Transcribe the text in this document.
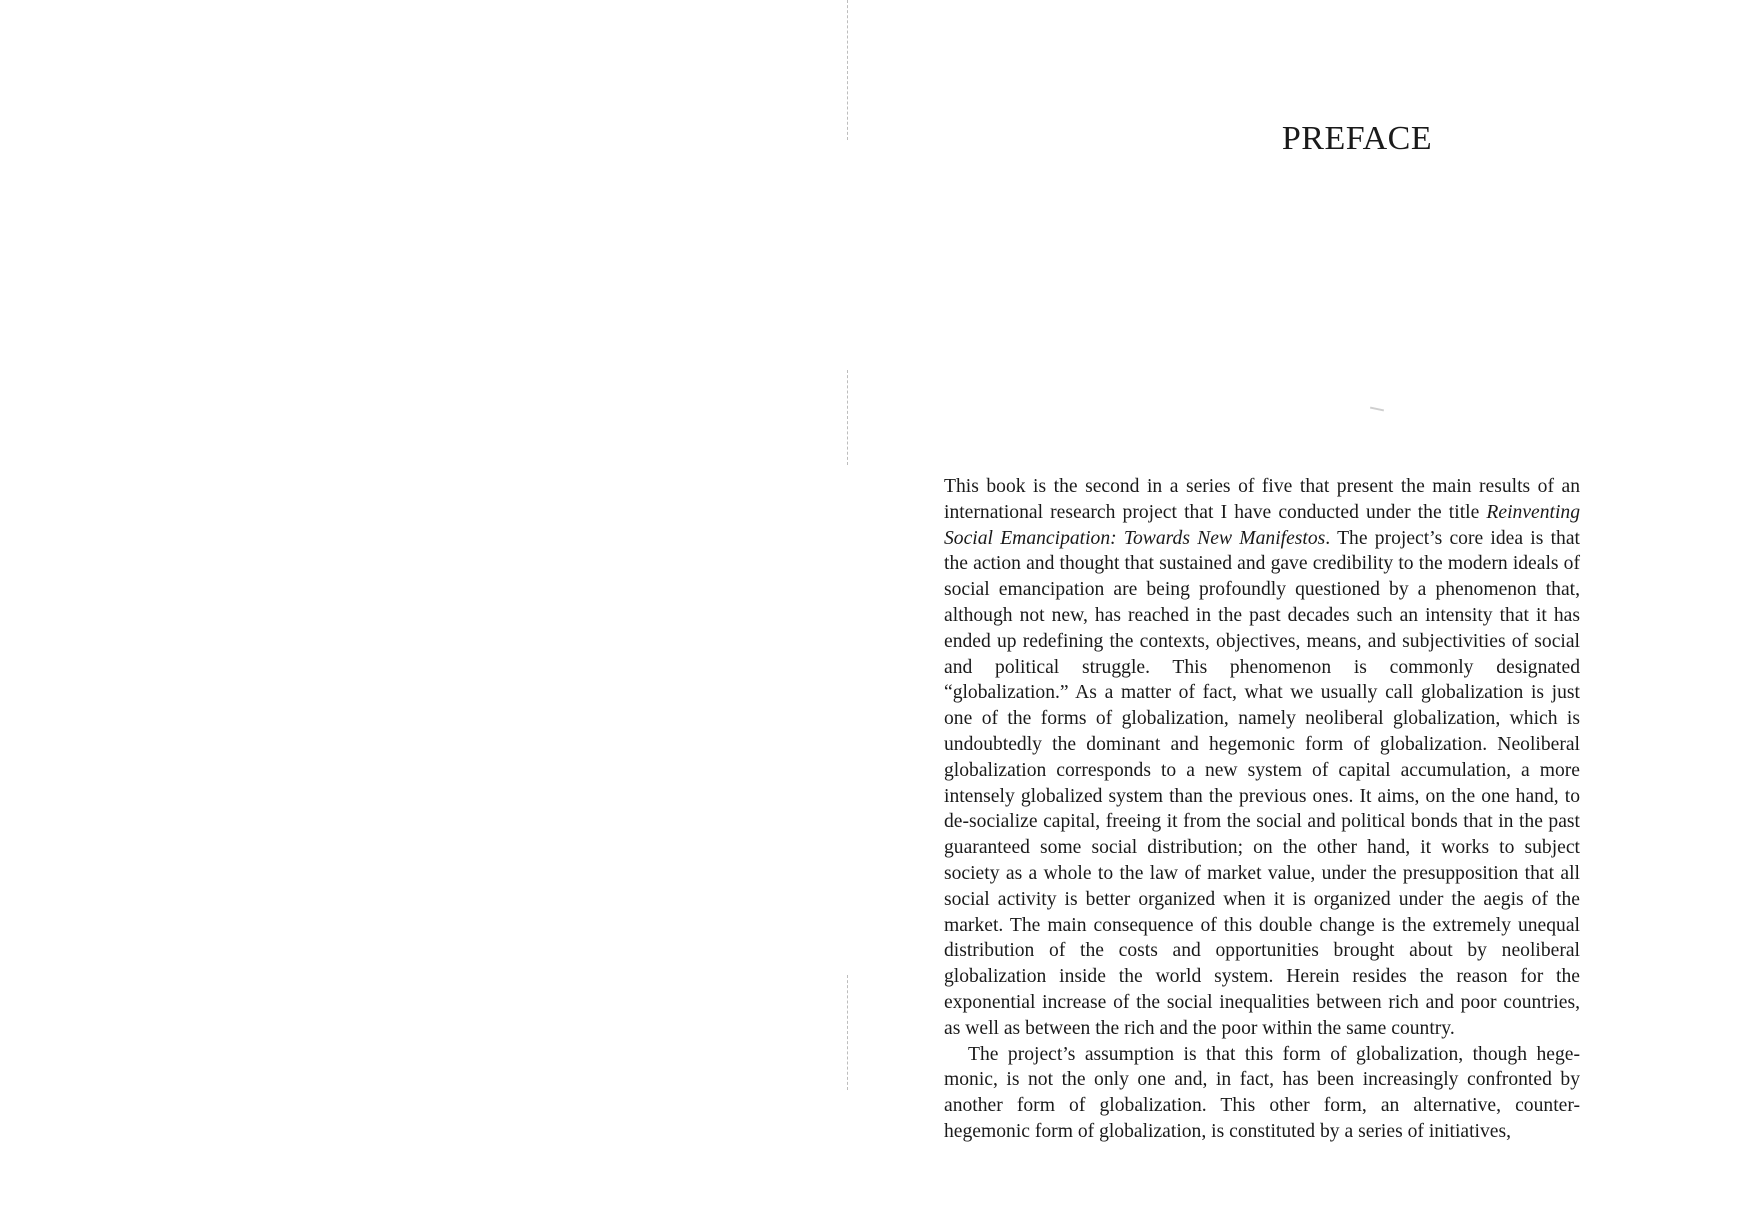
PREFACE

This book is the second in a series of five that present the main results of an international research project that I have conducted under the title Reinventing Social Emancipation: Towards New Manifestos. The project’s core idea is that the action and thought that sustained and gave credibility to the modern ideals of social emancipation are being profoundly questioned by a phenomenon that, although not new, has reached in the past decades such an intensity that it has ended up redefining the contexts, objectives, means, and subjectivities of social and political struggle. This phenomenon is commonly designated “globalization.” As a matter of fact, what we usually call globalization is just one of the forms of globalization, namely neoliberal globalization, which is undoubtedly the dominant and hegemonic form of globalization. Neoliberal globalization corresponds to a new system of capital accumulation, a more intensely globalized system than the previous ones. It aims, on the one hand, to de-socialize capital, freeing it from the social and political bonds that in the past guaranteed some social distribution; on the other hand, it works to subject society as a whole to the law of market value, under the presupposition that all social activity is better organized when it is organized under the aegis of the market. The main consequence of this double change is the extremely unequal distribution of the costs and opportunities brought about by neoliberal globalization inside the world system. Herein resides the reason for the exponential increase of the social inequalities between rich and poor countries, as well as between the rich and the poor within the same country.

The project’s assumption is that this form of globalization, though hegemonic, is not the only one and, in fact, has been increasingly confronted by another form of globalization. This other form, an alternative, counter-hegemonic form of globalization, is constituted by a series of initiatives,
